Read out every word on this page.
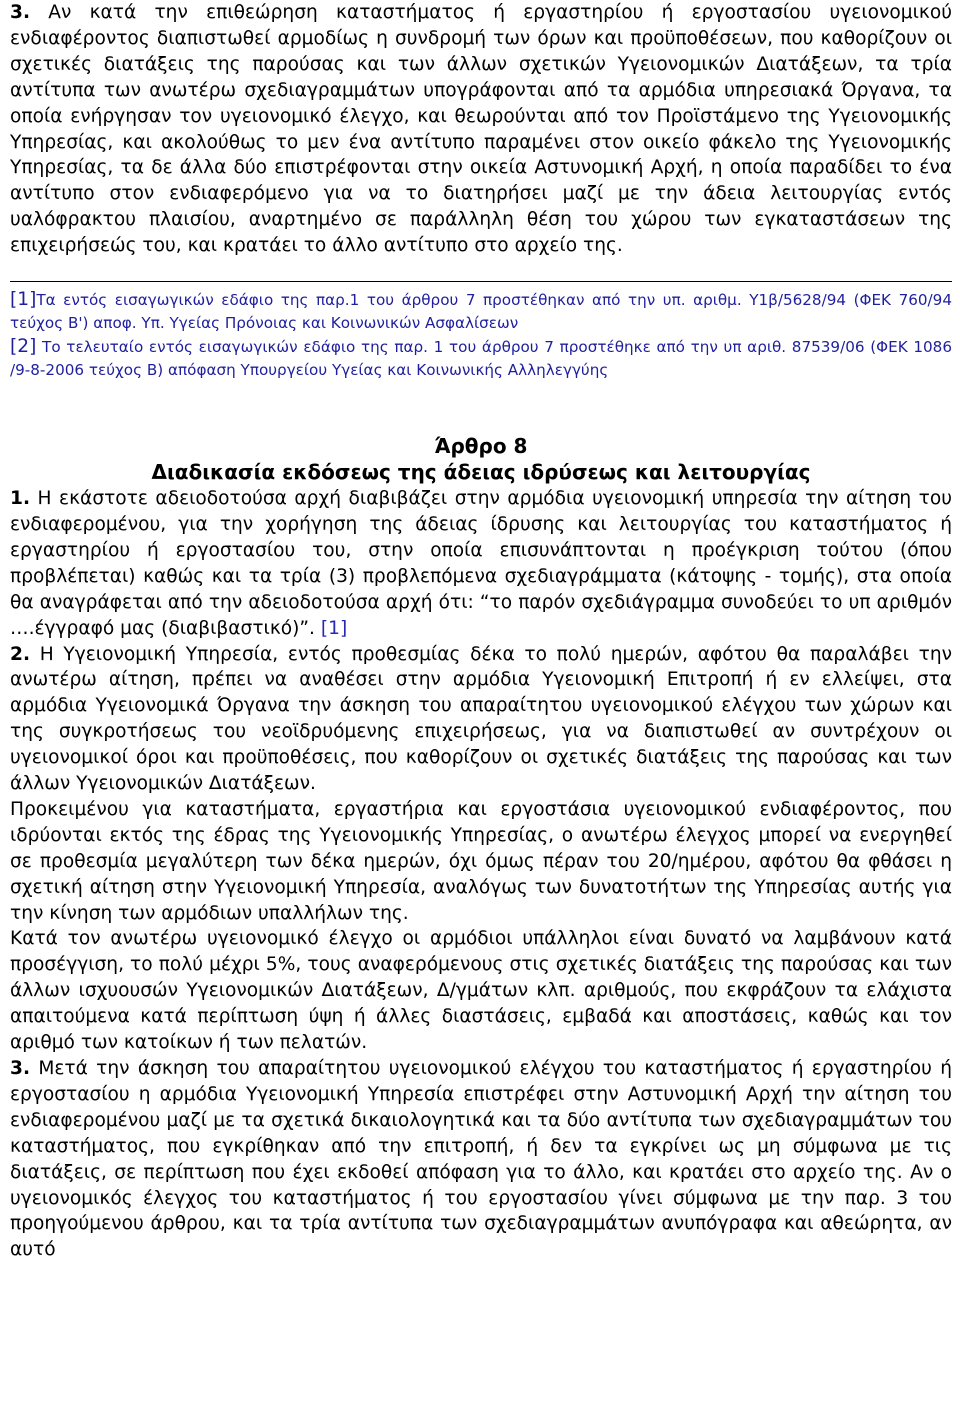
3. Αν κατά την επιθεώρηση καταστήματος ή εργαστηρίου ή εργοστασίου υγειονομικού ενδιαφέροντος διαπιστωθεί αρμοδίως η συνδρομή των όρων και προϋποθέσεων, που καθορίζουν οι σχετικές διατάξεις της παρούσας και των άλλων σχετικών Υγειονομικών Διατάξεων, τα τρία αντίτυπα των ανωτέρω σχεδιαγραμμάτων υπογράφονται από τα αρμόδια υπηρεσιακά Όργανα, τα οποία ενήργησαν τον υγειονομικό έλεγχο, και θεωρούνται από τον Προϊστάμενο της Υγειονομικής Υπηρεσίας, και ακολούθως το μεν ένα αντίτυπο παραμένει στον οικείο φάκελο της Υγειονομικής Υπηρεσίας, τα δε άλλα δύο επιστρέφονται στην οικεία Αστυνομική Αρχή, η οποία παραδίδει το ένα αντίτυπο στον ενδιαφερόμενο για να το διατηρήσει μαζί με την άδεια λειτουργίας εντός υαλόφρακτου πλαισίου, αναρτημένο σε παράλληλη θέση του χώρου των εγκαταστάσεων της επιχειρήσεώς του, και κρατάει το άλλο αντίτυπο στο αρχείο της.

[1]Τα εντός εισαγωγικών εδάφιο της παρ.1 του άρθρου 7 προστέθηκαν από την υπ. αριθμ. Υ1β/5628/94 (ΦΕΚ 760/94 τεύχος Β') αποφ. Υπ. Υγείας Πρόνοιας και Κοινωνικών Ασφαλίσεων

[2] Το τελευταίο εντός εισαγωγικών εδάφιο της παρ. 1 του άρθρου 7 προστέθηκε από την υπ αριθ. 87539/06 (ΦΕΚ 1086 /9-8-2006 τεύχος Β) απόφαση Υπουργείου Υγείας και Κοινωνικής Αλληλεγγύης

Άρθρο 8
Διαδικασία εκδόσεως της άδειας ιδρύσεως και λειτουργίας

1. Η εκάστοτε αδειοδοτούσα αρχή διαβιβάζει στην αρμόδια υγειονομική υπηρεσία την αίτηση του ενδιαφερομένου, για την χορήγηση της άδειας ίδρυσης και λειτουργίας του καταστήματος ή εργαστηρίου ή εργοστασίου του, στην οποία επισυνάπτονται η προέγκριση τούτου (όπου προβλέπεται) καθώς και τα τρία (3) προβλεπόμενα σχεδιαγράμματα (κάτοψης - τομής), στα οποία θα αναγράφεται από την αδειοδοτούσα αρχή ότι: “το παρόν σχεδιάγραμμα συνοδεύει το υπ αριθμόν ….έγγραφό μας (διαβιβαστικό)”. [1]

2. Η Υγειονομική Υπηρεσία, εντός προθεσμίας δέκα το πολύ ημερών, αφότου θα παραλάβει την ανωτέρω αίτηση, πρέπει να αναθέσει στην αρμόδια Υγειονομική Επιτροπή ή εν ελλείψει, στα αρμόδια Υγειονομικά Όργανα την άσκηση του απαραίτητου υγειονομικού ελέγχου των χώρων και της συγκροτήσεως του νεοϊδρυόμενης επιχειρήσεως, για να διαπιστωθεί αν συντρέχουν οι υγειονομικοί όροι και προϋποθέσεις, που καθορίζουν οι σχετικές διατάξεις της παρούσας και των άλλων Υγειονομικών Διατάξεων.

Προκειμένου για καταστήματα, εργαστήρια και εργοστάσια υγειονομικού ενδιαφέροντος, που ιδρύονται εκτός της έδρας της Υγειονομικής Υπηρεσίας, ο ανωτέρω έλεγχος μπορεί να ενεργηθεί σε προθεσμία μεγαλύτερη των δέκα ημερών, όχι όμως πέραν του 20/ημέρου, αφότου θα φθάσει η σχετική αίτηση στην Υγειονομική Υπηρεσία, αναλόγως των δυνατοτήτων της Υπηρεσίας αυτής για την κίνηση των αρμόδιων υπαλλήλων της.

Κατά τον ανωτέρω υγειονομικό έλεγχο οι αρμόδιοι υπάλληλοι είναι δυνατό να λαμβάνουν κατά προσέγγιση, το πολύ μέχρι 5%, τους αναφερόμενους στις σχετικές διατάξεις της παρούσας και των άλλων ισχυουσών Υγειονομικών Διατάξεων, Δ/γμάτων κλπ. αριθμούς, που εκφράζουν τα ελάχιστα απαιτούμενα κατά περίπτωση ύψη ή άλλες διαστάσεις, εμβαδά και αποστάσεις, καθώς και τον αριθμό των κατοίκων ή των πελατών.

3. Μετά την άσκηση του απαραίτητου υγειονομικού ελέγχου του καταστήματος ή εργαστηρίου ή εργοστασίου η αρμόδια Υγειονομική Υπηρεσία επιστρέφει στην Αστυνομική Αρχή την αίτηση του ενδιαφερομένου μαζί με τα σχετικά δικαιολογητικά και τα δύο αντίτυπα των σχεδιαγραμμάτων του καταστήματος, που εγκρίθηκαν από την επιτροπή, ή δεν τα εγκρίνει ως μη σύμφωνα με τις διατάξεις, σε περίπτωση που έχει εκδοθεί απόφαση για το άλλο, και κρατάει στο αρχείο της. Αν ο υγειονομικός έλεγχος του καταστήματος ή του εργοστασίου γίνει σύμφωνα με την παρ. 3 του προηγούμενου άρθρου, και τα τρία αντίτυπα των σχεδιαγραμμάτων ανυπόγραφα και αθεώρητα, αν αυτό
